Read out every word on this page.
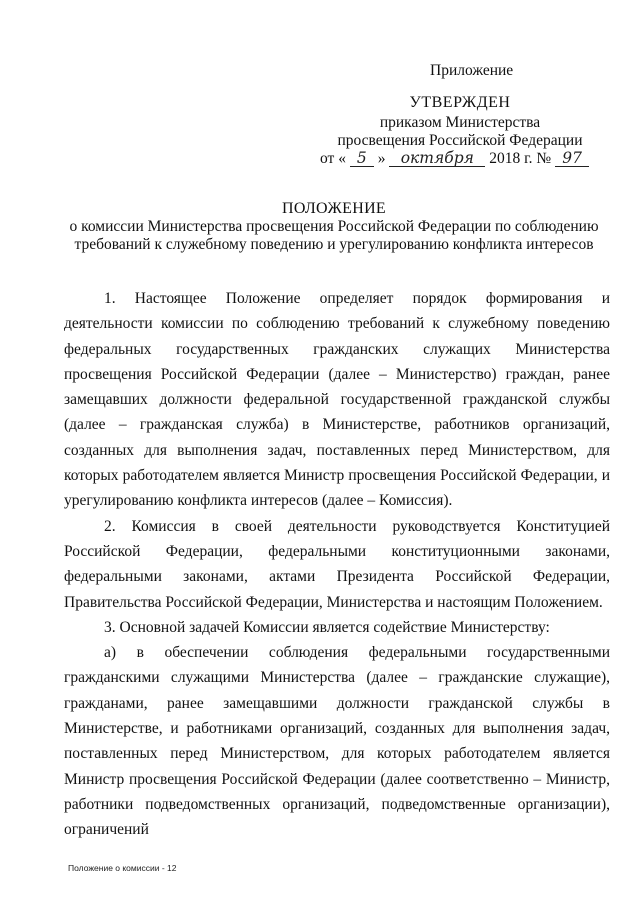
Приложение
УТВЕРЖДЕН
приказом Министерства
просвещения Российской Федерации
от « 5 » октября 2018 г. № 97
ПОЛОЖЕНИЕ
о комиссии Министерства просвещения Российской Федерации по соблюдению
требований к служебному поведению и урегулированию конфликта интересов

1. Настоящее Положение определяет порядок формирования и деятельности комиссии по соблюдению требований к служебному поведению федеральных государственных гражданских служащих Министерства просвещения Российской Федерации (далее – Министерство) граждан, ранее замещавших должности федеральной государственной гражданской службы (далее – гражданская служба) в Министерстве, работников организаций, созданных для выполнения задач, поставленных перед Министерством, для которых работодателем является Министр просвещения Российской Федерации, и урегулированию конфликта интересов (далее – Комиссия).

2. Комиссия в своей деятельности руководствуется Конституцией Российской Федерации, федеральными конституционными законами, федеральными законами, актами Президента Российской Федерации, Правительства Российской Федерации, Министерства и настоящим Положением.

3. Основной задачей Комиссии является содействие Министерству:

а) в обеспечении соблюдения федеральными государственными гражданскими служащими Министерства (далее – гражданские служащие), гражданами, ранее замещавшими должности гражданской службы в Министерстве, и работниками организаций, созданных для выполнения задач, поставленных перед Министерством, для которых работодателем является Министр просвещения Российской Федерации (далее соответственно – Министр, работники подведомственных организаций, подведомственные организации), ограничений

Положение о комиссии - 12
